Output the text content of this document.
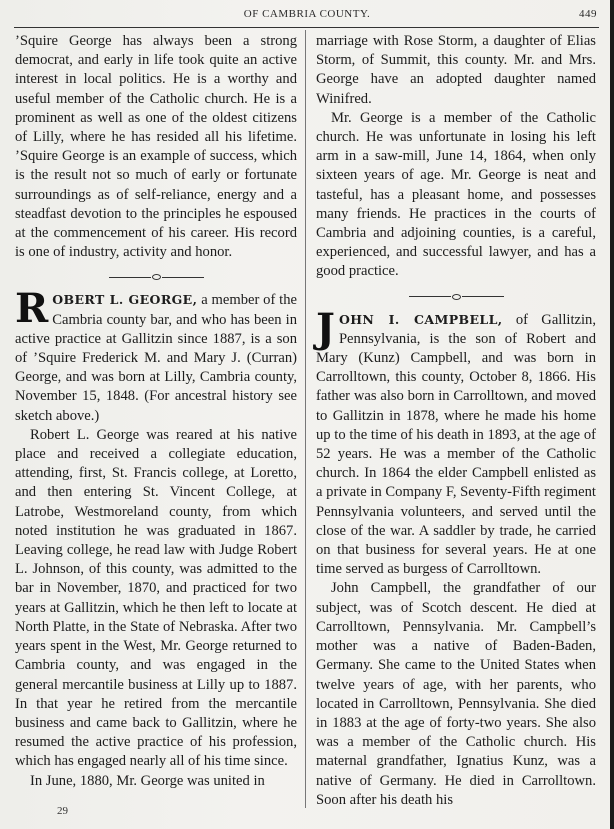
OF CAMBRIA COUNTY.	449

’Squire George has always been a strong democrat, and early in life took quite an active interest in local politics. He is a worthy and useful member of the Catholic church. He is a prominent as well as one of the oldest citizens of Lilly, where he has resided all his lifetime. ’Squire George is an example of success, which is the result not so much of early or fortunate surroundings as of self-reliance, energy and a steadfast devotion to the principles he espoused at the commencement of his career. His record is one of industry, activity and honor.

ROBERT L. GEORGE, a member of the Cambria county bar, and who has been in active practice at Gallitzin since 1887, is a son of ’Squire Frederick M. and Mary J. (Curran) George, and was born at Lilly, Cambria county, November 15, 1848. (For ancestral history see sketch above.)

Robert L. George was reared at his native place and received a collegiate education, attending, first, St. Francis college, at Loretto, and then entering St. Vincent College, at Latrobe, Westmoreland county, from which noted institution he was graduated in 1867. Leaving college, he read law with Judge Robert L. Johnson, of this county, was admitted to the bar in November, 1870, and practiced for two years at Gallitzin, which he then left to locate at North Platte, in the State of Nebraska. After two years spent in the West, Mr. George returned to Cambria county, and was engaged in the general mercantile business at Lilly up to 1887. In that year he retired from the mercantile business and came back to Gallitzin, where he resumed the active practice of his profession, which has engaged nearly all of his time since.

In June, 1880, Mr. George was united in

marriage with Rose Storm, a daughter of Elias Storm, of Summit, this county. Mr. and Mrs. George have an adopted daughter named Winifred.

Mr. George is a member of the Catholic church. He was unfortunate in losing his left arm in a saw-mill, June 14, 1864, when only sixteen years of age. Mr. George is neat and tasteful, has a pleasant home, and possesses many friends. He practices in the courts of Cambria and adjoining counties, is a careful, experienced, and successful lawyer, and has a good practice.

JOHN I. CAMPBELL, of Gallitzin, Pennsylvania, is the son of Robert and Mary (Kunz) Campbell, and was born in Carrolltown, this county, October 8, 1866. His father was also born in Carrolltown, and moved to Gallitzin in 1878, where he made his home up to the time of his death in 1893, at the age of 52 years. He was a member of the Catholic church. In 1864 the elder Campbell enlisted as a private in Company F, Seventy-Fifth regiment Pennsylvania volunteers, and served until the close of the war. A saddler by trade, he carried on that business for several years. He at one time served as burgess of Carrolltown.

John Campbell, the grandfather of our subject, was of Scotch descent. He died at Carrolltown, Pennsylvania. Mr. Campbell’s mother was a native of Baden-Baden, Germany. She came to the United States when twelve years of age, with her parents, who located in Carrolltown, Pennsylvania. She died in 1883 at the age of forty-two years. She also was a member of the Catholic church. His maternal grandfather, Ignatius Kunz, was a native of Germany. He died in Carrolltown. Soon after his death his

29
